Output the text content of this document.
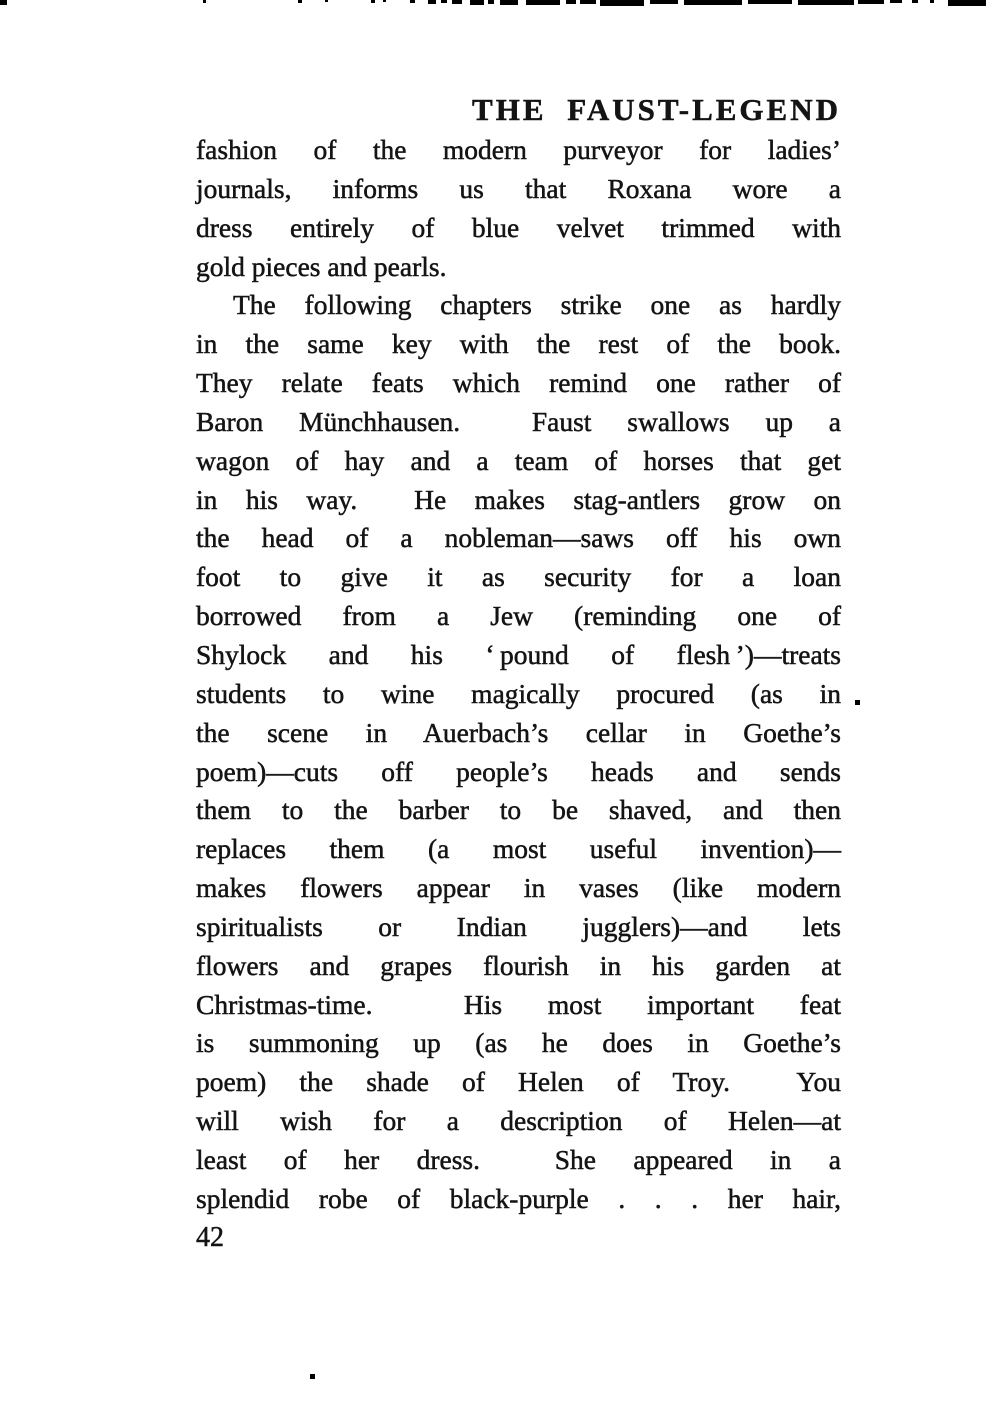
THE FAUST-LEGEND
fashion of the modern purveyor for ladies’
journals, informs us that Roxana wore a
dress entirely of blue velvet trimmed with
gold pieces and pearls.
The following chapters strike one as hardly
in the same key with the rest of the book.
They relate feats which remind one rather of
Baron Münchhausen.  Faust swallows up a
wagon of hay and a team of horses that get
in his way.  He makes stag-antlers grow on
the head of a nobleman—saws off his own
foot to give it as security for a loan
borrowed from a Jew (reminding one of
Shylock and his ‘ pound of flesh ’)—treats
students to wine magically procured (as in
the scene in Auerbach’s cellar in Goethe’s
poem)—cuts off people’s heads and sends
them to the barber to be shaved, and then
replaces them (a most useful invention)—
makes flowers appear in vases (like modern
spiritualists or Indian jugglers)—and lets
flowers and grapes flourish in his garden at
Christmas-time.  His most important feat
is summoning up (as he does in Goethe’s
poem) the shade of Helen of Troy.  You
will wish for a description of Helen—at
least of her dress.  She appeared in a
splendid robe of black-purple . . . her hair,
42
